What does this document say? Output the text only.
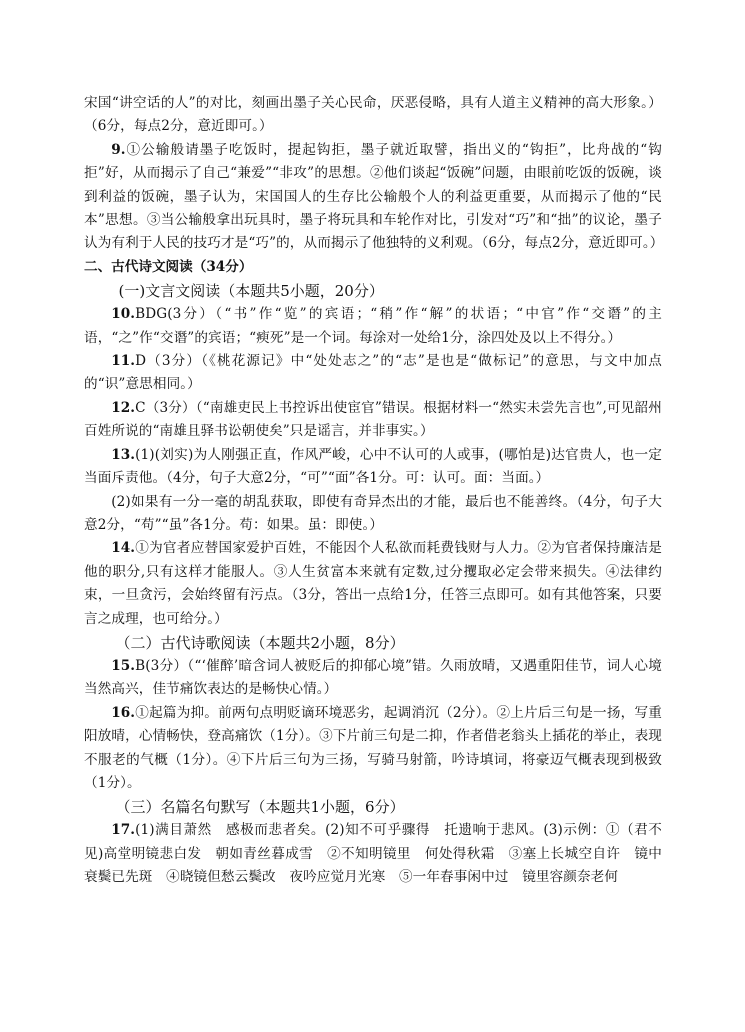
宋国“讲空话的人”的对比，刻画出墨子关心民命，厌恶侵略，具有人道主义精神的高大形象。）（6分，每点2分，意近即可。）

9.①公输般请墨子吃饭时，提起钩拒，墨子就近取譬，指出义的“钩拒”，比舟战的“钩拒”好，从而揭示了自己“兼爱”“非攻”的思想。②他们谈起“饭碗”问题，由眼前吃饭的饭碗，谈到利益的饭碗，墨子认为，宋国国人的生存比公输般个人的利益更重要，从而揭示了他的“民本”思想。③当公输般拿出玩具时，墨子将玩具和车轮作对比，引发对“巧”和“拙”的议论，墨子认为有利于人民的技巧才是“巧”的，从而揭示了他独特的义利观。（6分，每点2分，意近即可。）

二、古代诗文阅读（34分）

(一)文言文阅读（本题共5小题，20分）

10.BDG(3分）（“书”作“览”的宾语；“稍”作“解”的状语；“中官”作“交谮”的主语，“之”作“交谮”的宾语；“瘐死”是一个词。每涂对一处给1分，涂四处及以上不得分。）

11.D（3分）（《桃花源记》中“处处志之”的“志”是也是“做标记”的意思，与文中加点的“识”意思相同。）

12.C（3分）（“南雄吏民上书控诉出使宦官”错误。根据材料一“然实未尝先言也”,可见韶州百姓所说的“南雄且驿书讼朝使矣”只是谣言，并非事实。）

13.(1)(刘实)为人刚强正直，作风严峻，心中不认可的人或事，(哪怕是)达官贵人，也一定当面斥责他。（4分，句子大意2分，“可”“面”各1分。可：认可。面：当面。）

(2)如果有一分一毫的胡乱获取，即使有奇异杰出的才能，最后也不能善终。（4分，句子大意2分，“苟”“虽”各1分。苟：如果。虽：即使。）

14.①为官者应替国家爱护百姓，不能因个人私欲而耗费钱财与人力。②为官者保持廉洁是他的职分,只有这样才能服人。③人生贫富本来就有定数,过分攫取必定会带来损失。④法律约束，一旦贪污，会始终留有污点。（3分，答出一点给1分，任答三点即可。如有其他答案，只要言之成理，也可给分。）

（二）古代诗歌阅读（本题共2小题，8分）

15.B(3分）（“‘催醉’暗含词人被贬后的抑郁心境”错。久雨放晴，又遇重阳佳节，词人心境当然高兴，佳节痛饮表达的是畅快心情。）

16.①起篇为抑。前两句点明贬谪环境恶劣，起调消沉（2分）。②上片后三句是一扬，写重阳放晴，心情畅快，登高痛饮（1分）。③下片前三句是二抑，作者借老翁头上插花的举止，表现不服老的气概（1分）。④下片后三句为三扬，写骑马射箭，吟诗填词，将豪迈气概表现到极致（1分）。

（三）名篇名句默写（本题共1小题，6分）

17.(1)满目萧然　感极而悲者矣。(2)知不可乎骤得　托遗响于悲风。(3)示例：①（君不见)高堂明镜悲白发　朝如青丝暮成雪　②不知明镜里　何处得秋霜　③塞上长城空自许　镜中衰鬓已先斑　④晓镜但愁云鬓改　夜吟应觉月光寒　⑤一年春事闲中过　镜里容颜奈老何
